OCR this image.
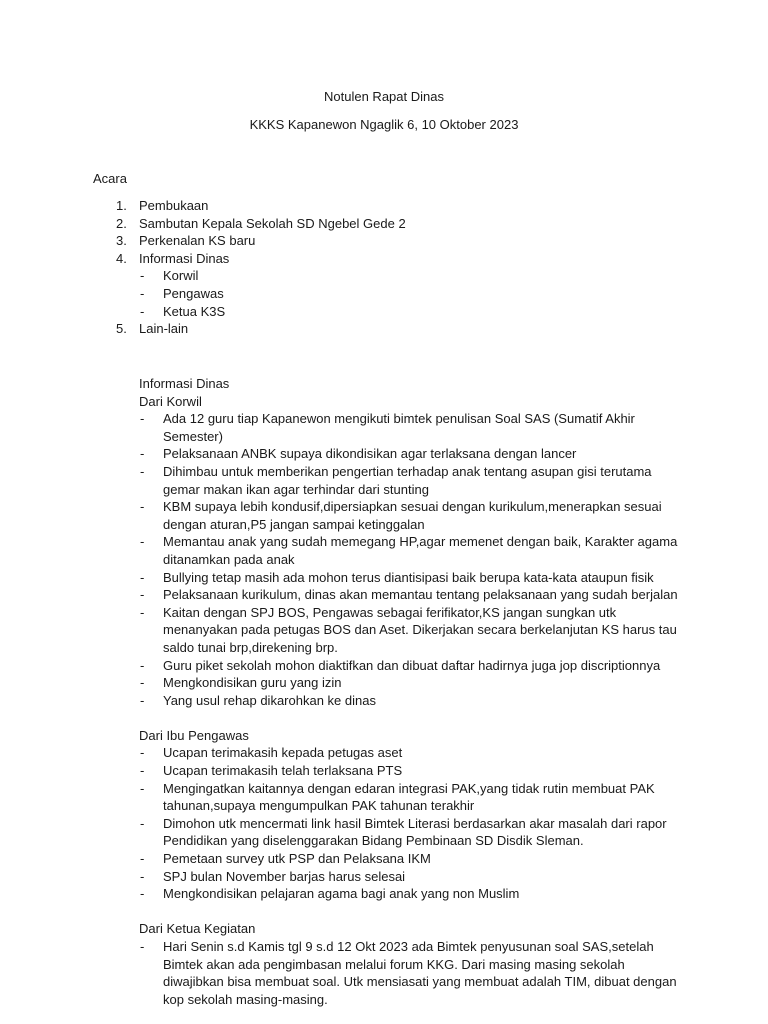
Notulen Rapat Dinas
KKKS Kapanewon Ngaglik 6, 10 Oktober 2023
Acara
1. Pembukaan
2. Sambutan Kepala Sekolah SD Ngebel Gede 2
3. Perkenalan KS baru
4. Informasi Dinas
- Korwil
- Pengawas
- Ketua K3S
5. Lain-lain
Informasi Dinas
Dari Korwil
- Ada 12 guru tiap Kapanewon mengikuti bimtek penulisan Soal SAS (Sumatif Akhir Semester)
- Pelaksanaan ANBK supaya dikondisikan agar terlaksana dengan lancer
- Dihimbau untuk memberikan pengertian terhadap anak tentang asupan gisi terutama gemar makan ikan agar terhindar dari stunting
- KBM supaya lebih kondusif,dipersiapkan sesuai dengan kurikulum,menerapkan sesuai dengan aturan,P5 jangan sampai ketinggalan
- Memantau anak yang sudah memegang HP,agar memenet dengan baik, Karakter agama ditanamkan pada anak
- Bullying tetap masih ada mohon terus diantisipasi baik berupa kata-kata ataupun fisik
- Pelaksanaan kurikulum, dinas akan memantau tentang pelaksanaan yang sudah berjalan
- Kaitan dengan SPJ BOS, Pengawas sebagai ferifikator,KS jangan sungkan utk menanyakan pada petugas BOS dan Aset. Dikerjakan secara berkelanjutan KS harus tau saldo tunai brp,direkening brp.
- Guru piket sekolah mohon diaktifkan dan dibuat daftar hadirnya juga jop discriptionnya
- Mengkondisikan guru yang izin
- Yang usul rehap dikarohkan ke dinas
Dari Ibu Pengawas
- Ucapan terimakasih kepada petugas aset
- Ucapan terimakasih telah terlaksana PTS
- Mengingatkan kaitannya dengan edaran integrasi PAK,yang tidak rutin membuat PAK tahunan,supaya mengumpulkan PAK tahunan terakhir
- Dimohon utk mencermati link hasil Bimtek Literasi berdasarkan akar masalah dari rapor Pendidikan yang diselenggarakan Bidang Pembinaan SD Disdik Sleman.
- Pemetaan survey utk PSP dan Pelaksana IKM
- SPJ bulan November barjas harus selesai
- Mengkondisikan pelajaran agama bagi anak yang non Muslim
Dari Ketua Kegiatan
- Hari Senin s.d Kamis tgl 9 s.d 12 Okt 2023 ada Bimtek penyusunan soal SAS,setelah Bimtek akan ada pengimbasan melalui forum KKG. Dari masing masing sekolah diwajibkan bisa membuat soal. Utk mensiasati yang membuat adalah TIM, dibuat dengan kop sekolah masing-masing.
